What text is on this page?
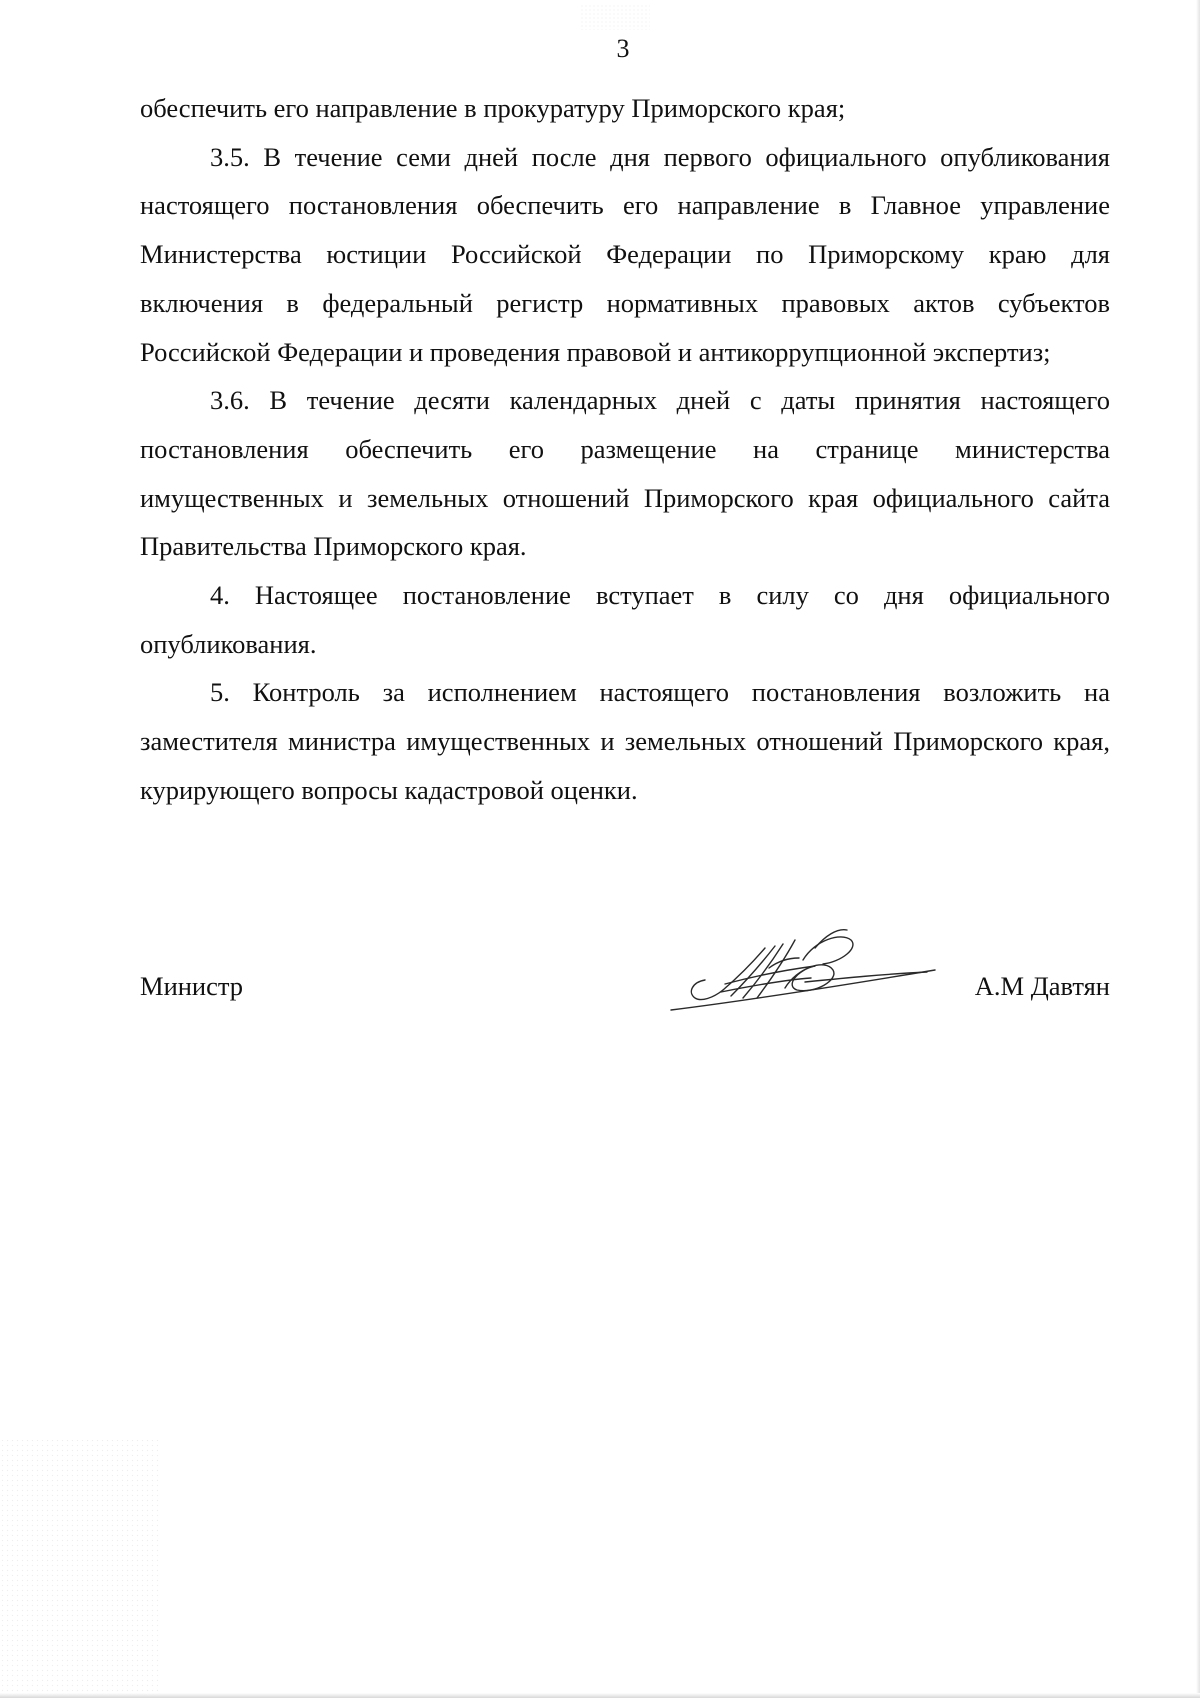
3

обеспечить его направление в прокуратуру Приморского края;

3.5. В течение семи дней после дня первого официального опубликования настоящего постановления обеспечить его направление в Главное управление Министерства юстиции Российской Федерации по Приморскому краю для включения в федеральный регистр нормативных правовых актов субъектов Российской Федерации и проведения правовой и антикоррупционной экспертиз;

3.6. В течение десяти календарных дней с даты принятия настоящего постановления обеспечить его размещение на странице министерства имущественных и земельных отношений Приморского края официального сайта Правительства Приморского края.

4. Настоящее постановление вступает в силу со дня официального опубликования.

5. Контроль за исполнением настоящего постановления возложить на заместителя министра имущественных и земельных отношений Приморского края, курирующего вопросы кадастровой оценки.

Министр	А.М Давтян
